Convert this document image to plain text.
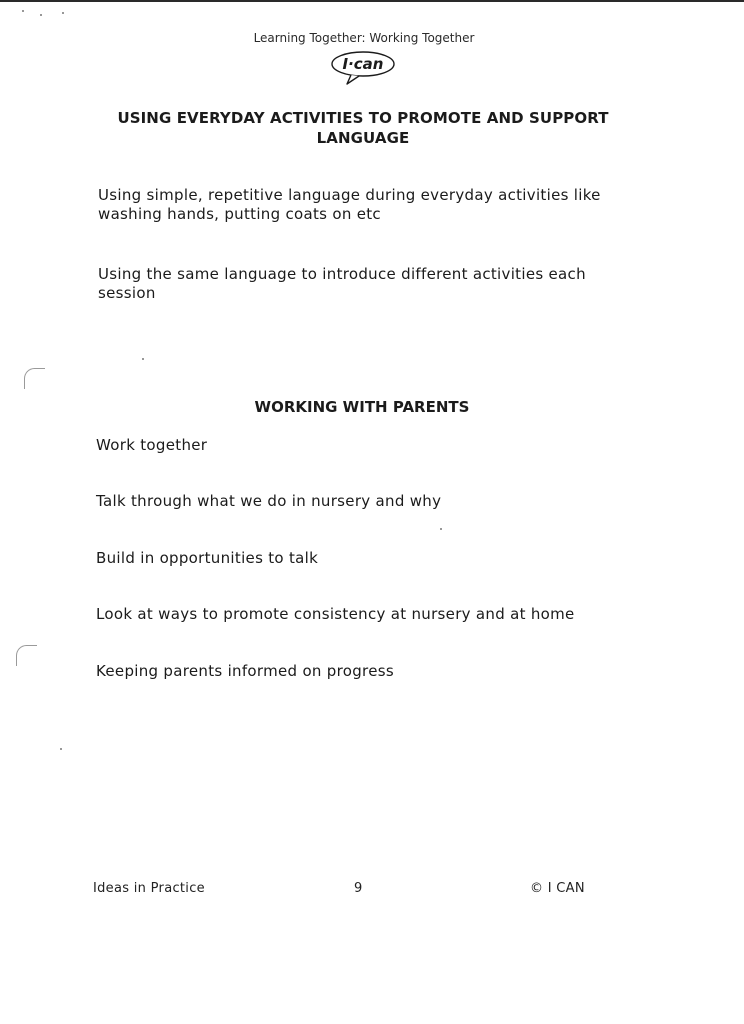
Learning Together: Working Together
I·can
USING EVERYDAY ACTIVITIES TO PROMOTE AND SUPPORT LANGUAGE
Using simple, repetitive language during everyday activities like washing hands, putting coats on etc
Using the same language to introduce different activities each session
WORKING WITH PARENTS
Work together
Talk through what we do in nursery and why
Build in opportunities to talk
Look at ways to promote consistency at nursery and at home
Keeping parents informed on progress
Ideas in Practice	9	© I CAN
